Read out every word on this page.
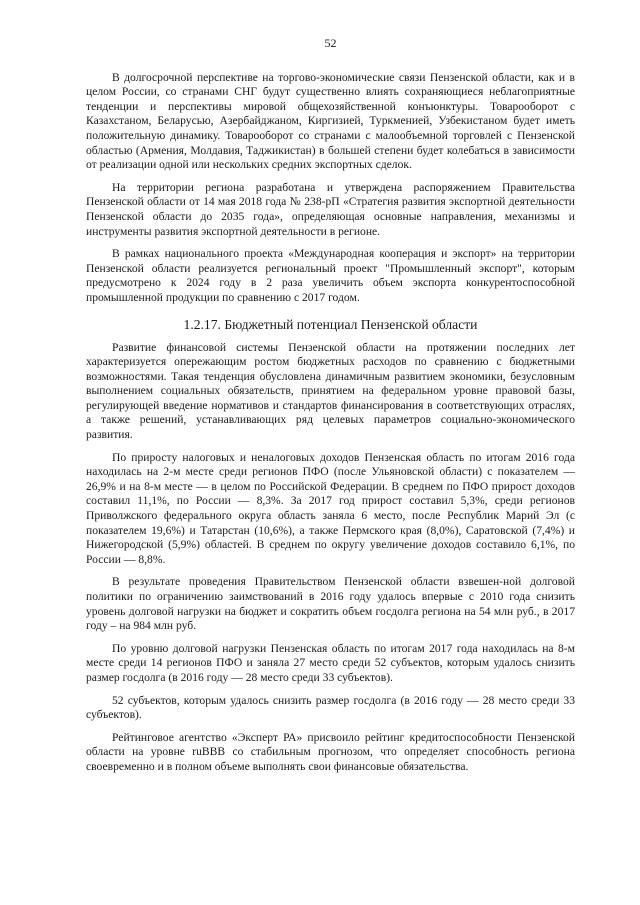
52

В долгосрочной перспективе на торгово-экономические связи Пензенской области, как и в целом России, со странами СНГ будут существенно влиять сохраняющиеся неблагоприятные тенденции и перспективы мировой общехозяйственной конъюнктуры. Товарооборот с Казахстаном, Беларусью, Азербайджаном, Киргизией, Туркменией, Узбекистаном будет иметь положительную динамику. Товарооборот со странами с малообъемной торговлей с Пензенской областью (Армения, Молдавия, Таджикистан) в большей степени будет колебаться в зависимости от реализации одной или нескольких средних экспортных сделок.

На территории региона разработана и утверждена распоряжением Правительства Пензенской области от 14 мая 2018 года № 238-рП «Стратегия развития экспортной деятельности Пензенской области до 2035 года», определяющая основные направления, механизмы и инструменты развития экспортной деятельности в регионе.

В рамках национального проекта «Международная кооперация и экспорт» на территории Пензенской области реализуется региональный проект "Промышленный экспорт", которым предусмотрено к 2024 году в 2 раза увеличить объем экспорта конкурентоспособной промышленной продукции по сравнению с 2017 годом.

1.2.17. Бюджетный потенциал Пензенской области

Развитие финансовой системы Пензенской области на протяжении последних лет характеризуется опережающим ростом бюджетных расходов по сравнению с бюджетными возможностями. Такая тенденция обусловлена динамичным развитием экономики, безусловным выполнением социальных обязательств, принятием на федеральном уровне правовой базы, регулирующей введение нормативов и стандартов финансирования в соответствующих отраслях, а также решений, устанавливающих ряд целевых параметров социально-экономического развития.

По приросту налоговых и неналоговых доходов Пензенская область по итогам 2016 года находилась на 2-м месте среди регионов ПФО (после Ульяновской области) с показателем — 26,9% и на 8-м месте — в целом по Российской Федерации. В среднем по ПФО прирост доходов составил 11,1%, по России — 8,3%. За 2017 год прирост составил 5,3%, среди регионов Приволжского федерального округа область заняла 6 место, после Республик Марий Эл (с показателем 19,6%) и Татарстан (10,6%), а также Пермского края (8,0%), Саратовской (7,4%) и Нижегородской (5,9%) областей. В среднем по округу увеличение доходов составило 6,1%, по России — 8,8%.

В результате проведения Правительством Пензенской области взвешен-ной долговой политики по ограничению заимствований в 2016 году удалось впервые с 2010 года снизить уровень долговой нагрузки на бюджет и сократить объем госдолга региона на 54 млн руб., в 2017 году – на 984 млн руб.

По уровню долговой нагрузки Пензенская область по итогам 2017 года находилась на 8-м месте среди 14 регионов ПФО и заняла 27 место среди 52 субъектов, которым удалось снизить размер госдолга (в 2016 году — 28 место среди 33 субъектов).

52 субъектов, которым удалось снизить размер госдолга (в 2016 году — 28 место среди 33 субъектов).

Рейтинговое агентство «Эксперт РА» присвоило рейтинг кредитоспособности Пензенской области на уровне ruBBB со стабильным прогнозом, что определяет способность региона своевременно и в полном объеме выполнять свои финансовые обязательства.
